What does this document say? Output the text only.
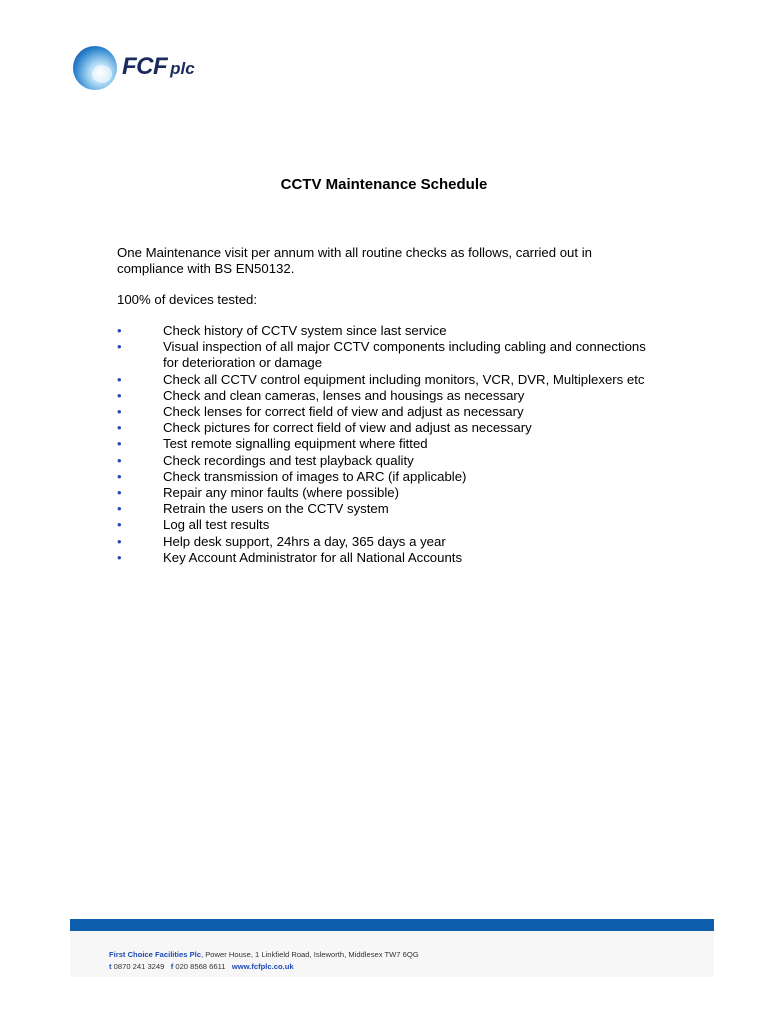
FCF plc
CCTV Maintenance Schedule
One Maintenance visit per annum with all routine checks as follows, carried out in compliance with BS EN50132.
100% of devices tested:
•	Check history of CCTV system since last service
•	Visual inspection of all major CCTV components including cabling and connections for deterioration or damage
•	Check all CCTV control equipment including monitors, VCR, DVR, Multiplexers etc
•	Check and clean cameras, lenses and housings as necessary
•	Check lenses for correct field of view and adjust as necessary
•	Check pictures for correct field of view and adjust as necessary
•	Test remote signalling equipment where fitted
•	Check recordings and test playback quality
•	Check transmission of images to ARC (if applicable)
•	Repair any minor faults (where possible)
•	Retrain the users on the CCTV system
•	Log all test results
•	Help desk support, 24hrs a day, 365 days a year
•	Key Account Administrator for all National Accounts
First Choice Facilities Plc, Power House, 1 Linkfield Road, Isleworth, Middlesex TW7 6QG
t 0870 241 3249 f 020 8568 6611 www.fcfplc.co.uk
